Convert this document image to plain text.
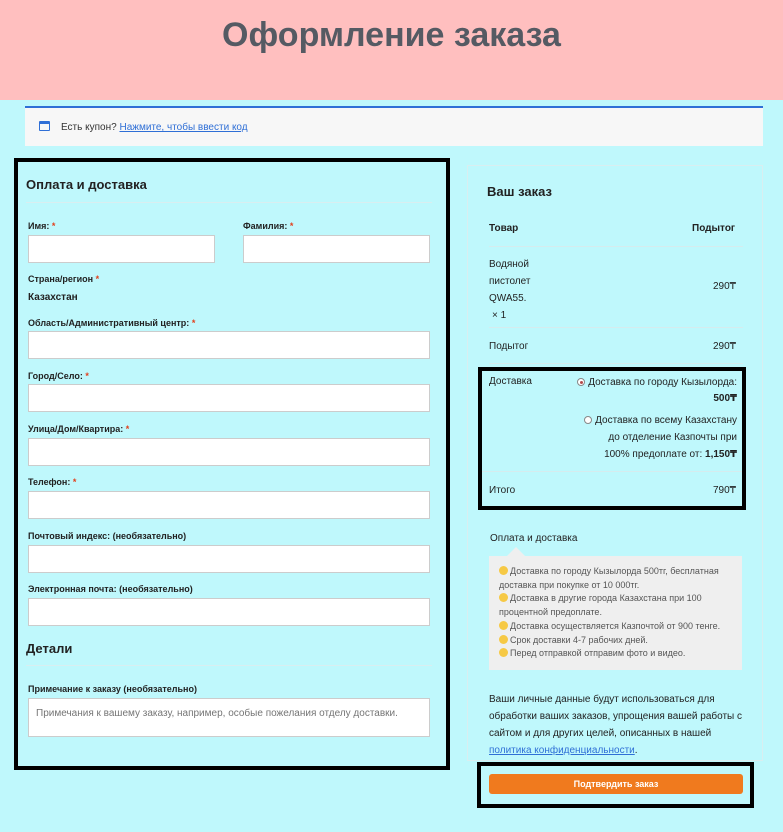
Оформление заказа
Есть купон? Нажмите, чтобы ввести код
Оплата и доставка
Имя: *	Фамилия: *
Страна/регион *
Казахстан
Область/Административный центр: *
Город/Село: *
Улица/Дом/Квартира: *
Телефон: *
Почтовый индекс: (необязательно)
Электронная почта: (необязательно)
Детали
Примечание к заказу (необязательно)
Примечания к вашему заказу, например, особые пожелания отделу доставки.
Ваш заказ
Товар	Подытог
Водяной
пистолет
QWA55.
× 1
290₸
Подытог	290₸
Доставка	Доставка по городу Кызылорда:
500₸
Доставка по всему Казахстану
до отделение Казпочты при
100% предоплате от: 1,150₸
Итого	790₸
Оплата и доставка
Доставка по городу Кызылорда 500тг, бесплатная
доставка при покупке от 10 000тг.
Доставка в другие города Казахстана при 100
процентной предоплате.
Доставка осуществляется Казпочтой от 900 тенге.
Срок доставки 4-7 рабочих дней.
Перед отправкой отправим фото и видео.
Ваши личные данные будут использоваться для
обработки ваших заказов, упрощения вашей работы с
сайтом и для других целей, описанных в нашей
политика конфиденциальности.
Подтвердить заказ
